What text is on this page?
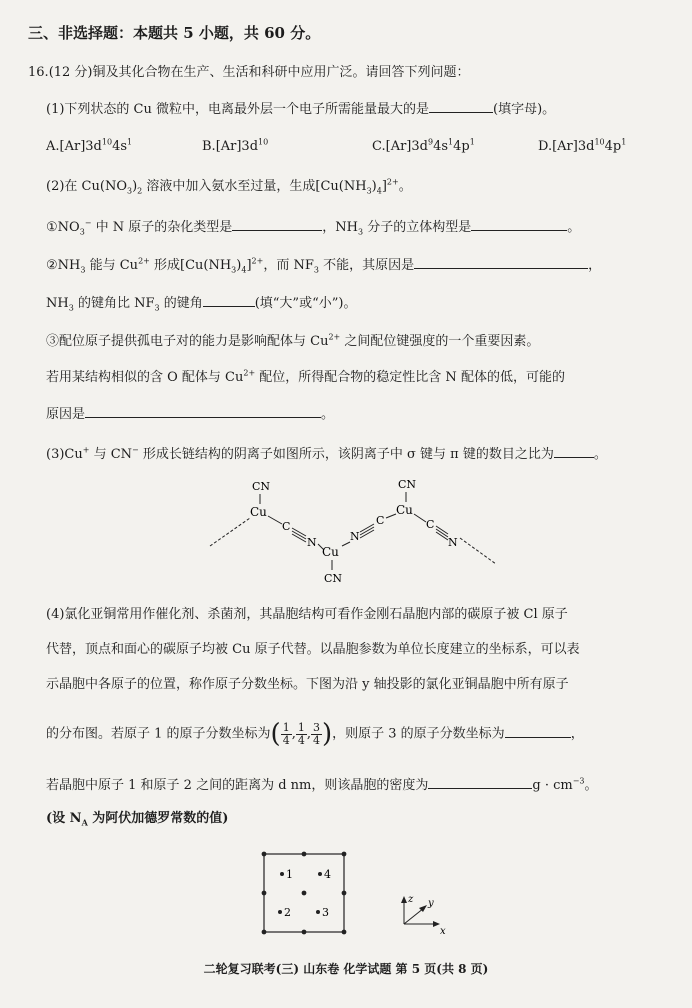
三、非选择题：本题共 5 小题，共 60 分。
16.(12 分)铜及其化合物在生产、生活和科研中应用广泛。请回答下列问题：
(1)下列状态的 Cu 微粒中，电离最外层一个电子所需能量最大的是	(填字母)。
$A.[Ar]3d^{10}4s^1$	$B.[Ar]3d^{10}$	$C.[Ar]3d^94s^14p^1$	$D.[Ar]3d^{10}4p^1$
(2)在 $Cu(NO_3)_2$ 溶液中加入氨水至过量，生成$[Cu(NH_3)_4]^{2+}$。
$①NO_3^-$ 中 N 原子的杂化类型是	，$NH_3$ 分子的立体构型是	。
$②NH_3$ 能与 $Cu^{2+}$ 形成$[Cu(NH_3)_4]^{2+}$，而 $NF_3$ 不能，其原因是	，
$NH_3$ 的键角比 $NF_3$ 的键角	(填“大”或“小”)。
③配位原子提供孤电子对的能力是影响配体与 $Cu^{2+}$ 之间配位键强度的一个重要因素。
若用某结构相似的含 O 配体与 $Cu^{2+}$ 配位，所得配合物的稳定性比含 N 配体的低，可能的
原因是	。
(3)Cu+ 与 CN− 形成长链结构的阴离子如图所示，该阴离子中 σ 键与 π 键的数目之比为	。
Cu
CN
C
N
Cu
CN
N
C
Cu
CN
C
N
(4)氯化亚铜常用作催化剂、杀菌剂，其晶胞结构可看作金刚石晶胞内部的碳原子被 Cl 原子
代替，顶点和面心的碳原子均被 Cu 原子代替。以晶胞参数为单位长度建立的坐标系，可以表
示晶胞中各原子的位置，称作原子分数坐标。下图为沿 y 轴投影的氯化亚铜晶胞中所有原子
的分布图。若原子 1 的原子分数坐标为( $\frac{1}{4}$ , $\frac{1}{4}$ , $\frac{3}{4}$ )，则原子 3 的原子分数坐标为	，
若晶胞中原子 1 和原子 2 之间的距离为 d nm，则该晶胞的密度为	$g \cdot cm^{-3}$。
(设 $N_A$ 为阿伏加德罗常数的值)
1	4
2	3
z y
x
二轮复习联考(三) 山东卷 化学试题 第 5 页(共 8 页)
